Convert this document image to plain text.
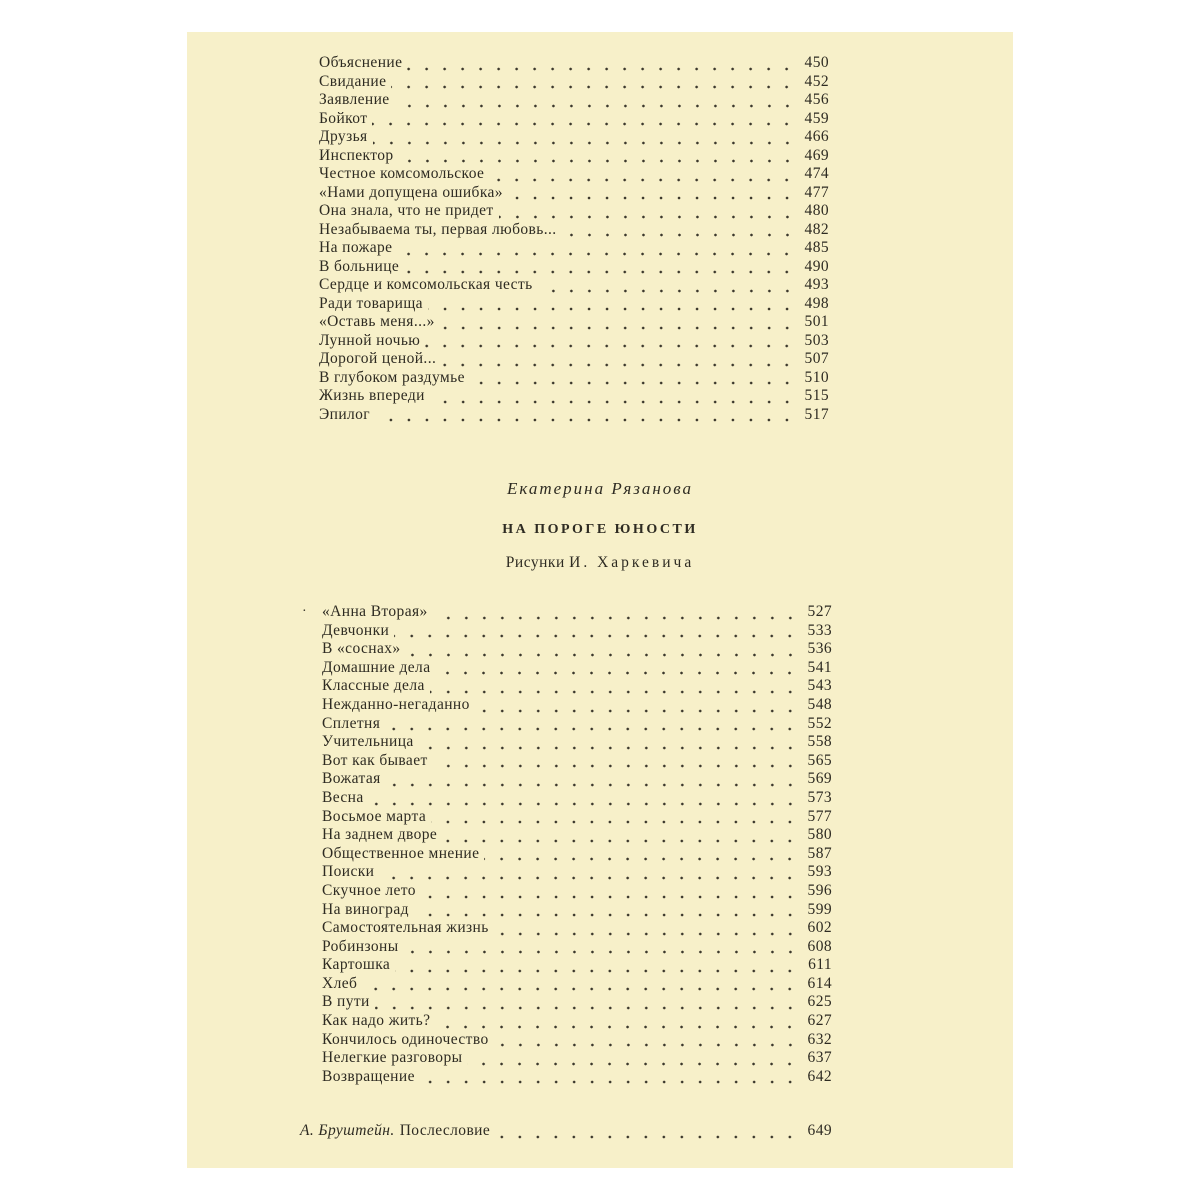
Объяснение	450
Свидание	452
Заявление	456
Бойкот	459
Друзья	466
Инспектор	469
Честное комсомольское	474
«Нами допущена ошибка»	477
Она знала, что не придет	480
Незабываема ты, первая любовь...	482
На пожаре	485
В больнице	490
Сердце и комсомольская честь	493
Ради товарища	498
«Оставь меня...»	501
Лунной ночью	503
Дорогой ценой...	507
В глубоком раздумье	510
Жизнь впереди	515
Эпилог	517
Екатерина Рязанова
НА ПОРОГЕ ЮНОСТИ
Рисунки И. Харкевича
· «Анна Вторая»	527
Девчонки	533
В «соснах»	536
Домашние дела	541
Классные дела	543
Нежданно-негаданно	548
Сплетня	552
Учительница	558
Вот как бывает	565
Вожатая	569
Весна	573
Восьмое марта	577
На заднем дворе	580
Общественное мнение	587
Поиски	593
Скучное лето	596
На виноград	599
Самостоятельная жизнь	602
Робинзоны	608
Картошка	611
Хлеб	614
В пути	625
Как надо жить?	627
Кончилось одиночество	632
Нелегкие разговоры	637
Возвращение	642
А. Бруштейн. Послесловие	649
